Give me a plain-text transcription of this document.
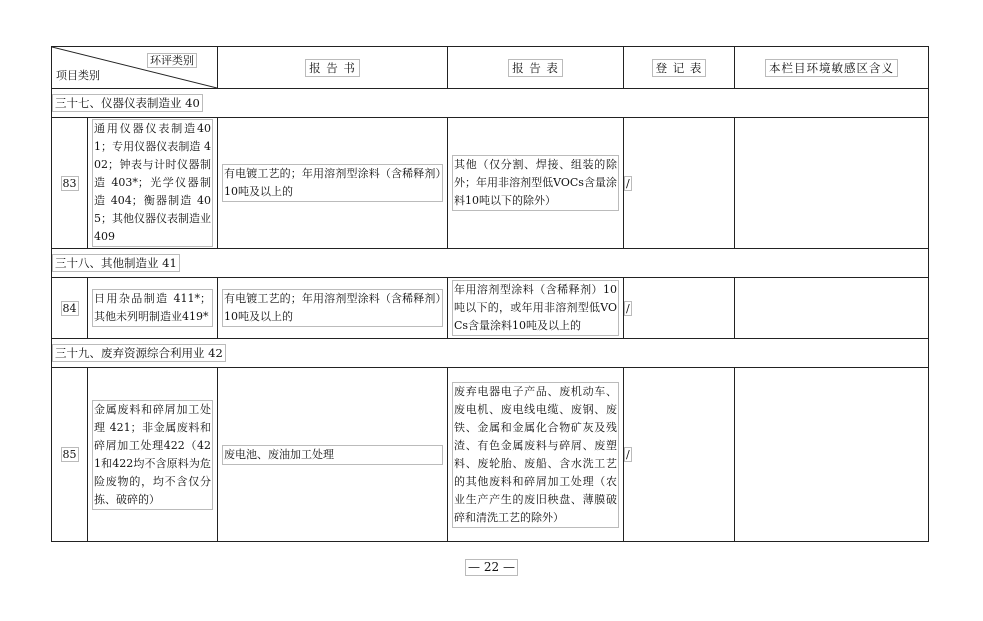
环评类别
项目类别		报 告 书	报 告 表	登 记 表	本栏目环境敏感区含义
三十七、仪器仪表制造业 40					
83	通用仪器仪表制造401；专用仪器仪表制造 402；钟表与计时仪器制造 403*；光学仪器制造 404；衡器制造 405；其他仪器仪表制造业 409	有电镀工艺的；年用溶剂型涂料（含稀释剂）10吨及以上的	其他（仅分割、焊接、组装的除外；年用非溶剂型低VOCs含量涂料10吨以下的除外）	/	
三十八、其他制造业 41					
84	日用杂品制造 411*；其他未列明制造业419*	有电镀工艺的；年用溶剂型涂料（含稀释剂）10吨及以上的	年用溶剂型涂料（含稀释剂）10吨以下的，或年用非溶剂型低VOCs含量涂料10吨及以上的	/	
三十九、废弃资源综合利用业 42					
85	金属废料和碎屑加工处理 421；非金属废料和碎屑加工处理422（421和422均不含原料为危险废物的，均不含仅分拣、破碎的）	废电池、废油加工处理	废弃电器电子产品、废机动车、废电机、废电线电缆、废钢、废铁、金属和金属化合物矿灰及残渣、有色金属废料与碎屑、废塑料、废轮胎、废船、含水洗工艺的其他废料和碎屑加工处理（农业生产产生的废旧秧盘、薄膜破碎和清洗工艺的除外）	/	
— 22 —
